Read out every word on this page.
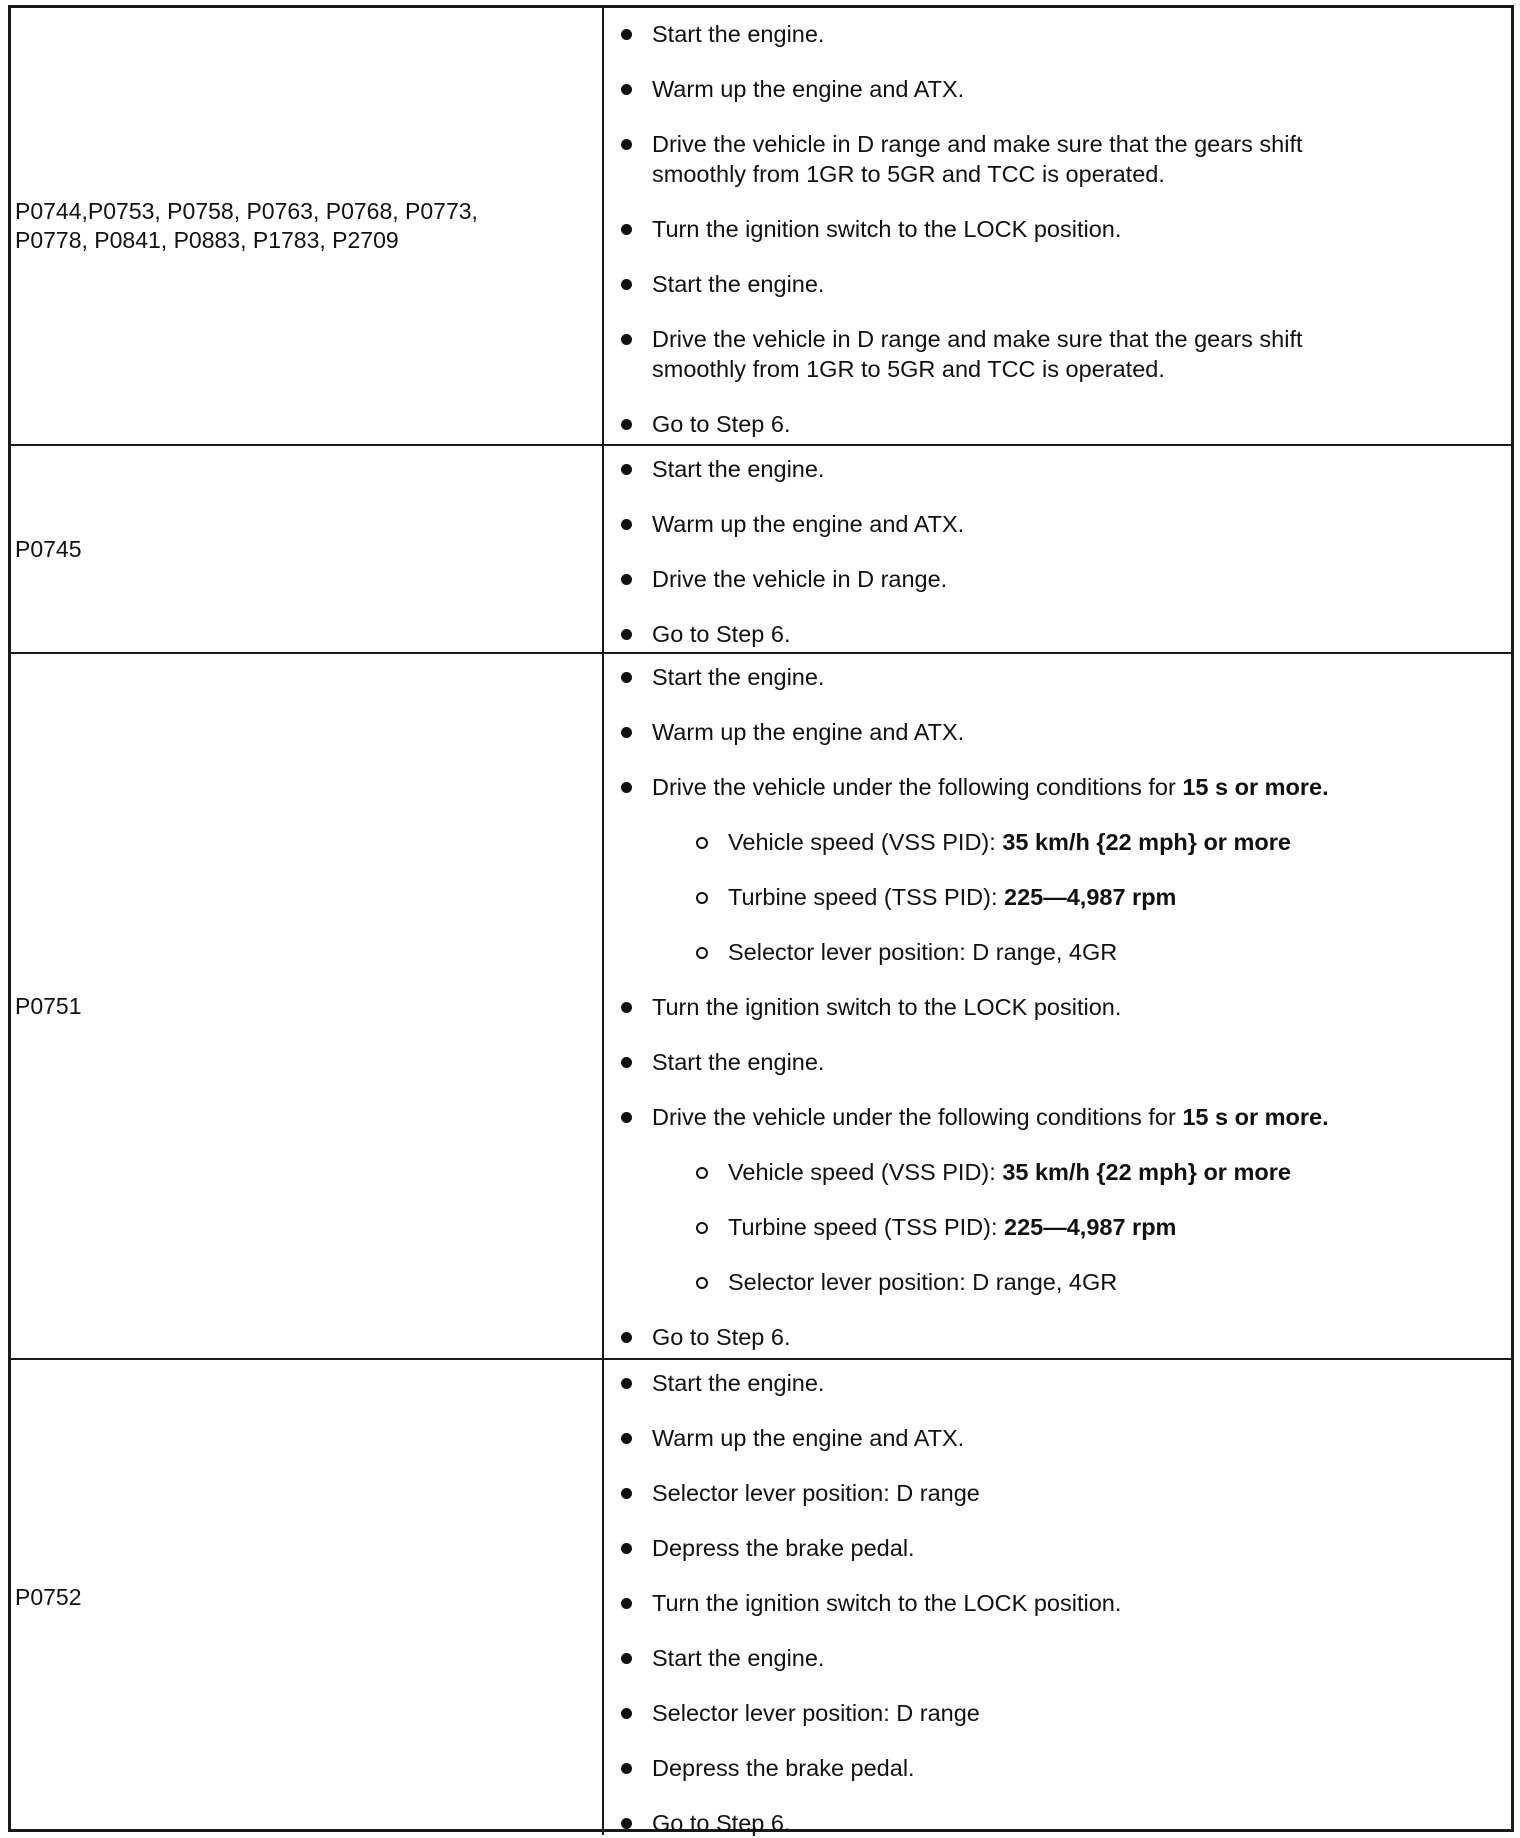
P0744,P0753, P0758, P0763, P0768, P0773,
P0778, P0841, P0883, P1783, P2709
Start the engine.
Warm up the engine and ATX.
Drive the vehicle in D range and make sure that the gears shift
smoothly from 1GR to 5GR and TCC is operated.
Turn the ignition switch to the LOCK position.
Start the engine.
Drive the vehicle in D range and make sure that the gears shift
smoothly from 1GR to 5GR and TCC is operated.
Go to Step 6.
P0745
Start the engine.
Warm up the engine and ATX.
Drive the vehicle in D range.
Go to Step 6.
P0751
Start the engine.
Warm up the engine and ATX.
Drive the vehicle under the following conditions for 15 s or more.
Vehicle speed (VSS PID): 35 km/h {22 mph} or more
Turbine speed (TSS PID): 225—4,987 rpm
Selector lever position: D range, 4GR
Turn the ignition switch to the LOCK position.
Start the engine.
Drive the vehicle under the following conditions for 15 s or more.
Vehicle speed (VSS PID): 35 km/h {22 mph} or more
Turbine speed (TSS PID): 225—4,987 rpm
Selector lever position: D range, 4GR
Go to Step 6.
P0752
Start the engine.
Warm up the engine and ATX.
Selector lever position: D range
Depress the brake pedal.
Turn the ignition switch to the LOCK position.
Start the engine.
Selector lever position: D range
Depress the brake pedal.
Go to Step 6.
